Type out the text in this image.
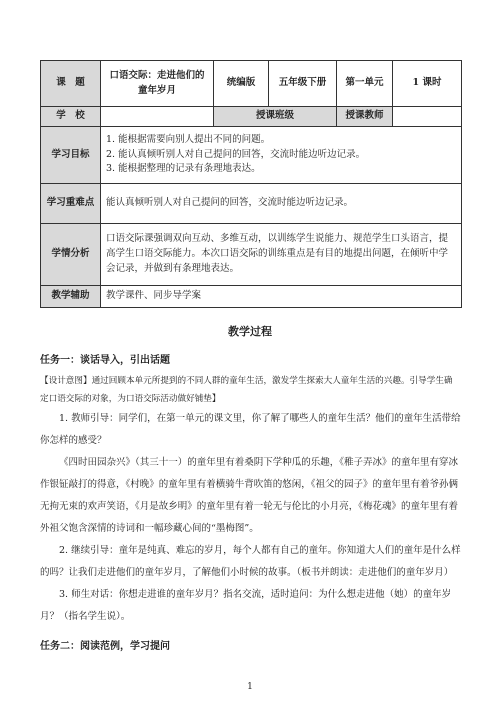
课　题	口语交际：走进他们的童年岁月	统编版	五年级下册	第一单元	1 课时
学　校		授课班级		授课教师	
学习目标	1. 能根据需要向别人提出不同的问题。
2. 能认真倾听别人对自己提问的回答，交流时能边听边记录。
3. 能根据整理的记录有条理地表达。				

学习重难点	能认真倾听别人对自己提问的回答，交流时能边听边记录。				
学情分析	口语交际课强调双向互动、多维互动，以训练学生说能力、规范学生口头语言，提高学生口语交际能力。本次口语交际的训练重点是有目的地提出问题，在倾听中学会记录，并做到有条理地表达。				
教学辅助	教学课件、同步导学案				
教学过程

任务一：谈话导入，引出话题

【设计意图】通过回顾本单元所提到的不同人群的童年生活，激发学生探索大人童年生活的兴趣。引导学生确定口语交际的对象，为口语交际活动做好铺垫】

1. 教师引导：同学们，在第一单元的课文里，你了解了哪些人的童年生活？他们的童年生活带给你怎样的感受？

《四时田园杂兴》（其三十一）的童年里有着桑阴下学种瓜的乐趣，《稚子弄冰》的童年里有穿冰作银钲敲打的得意，《村晚》的童年里有着横骑牛背吹笛的悠闲，《祖父的园子》的童年里有着爷孙俩无拘无束的欢声笑语，《月是故乡明》的童年里有着一轮无与伦比的小月亮，《梅花魂》的童年里有着外祖父饱含深情的诗词和一幅珍藏心间的“墨梅图”。

2. 继续引导：童年是纯真、难忘的岁月，每个人都有自己的童年。你知道大人们的童年是什么样的吗？让我们走进他们的童年岁月，了解他们小时候的故事。（板书并朗读：走进他们的童年岁月）

3. 师生对话：你想走进谁的童年岁月？指名交流，适时追问：为什么想走进他（她）的童年岁月？（指名学生说）。

任务二：阅读范例，学习提问

1
